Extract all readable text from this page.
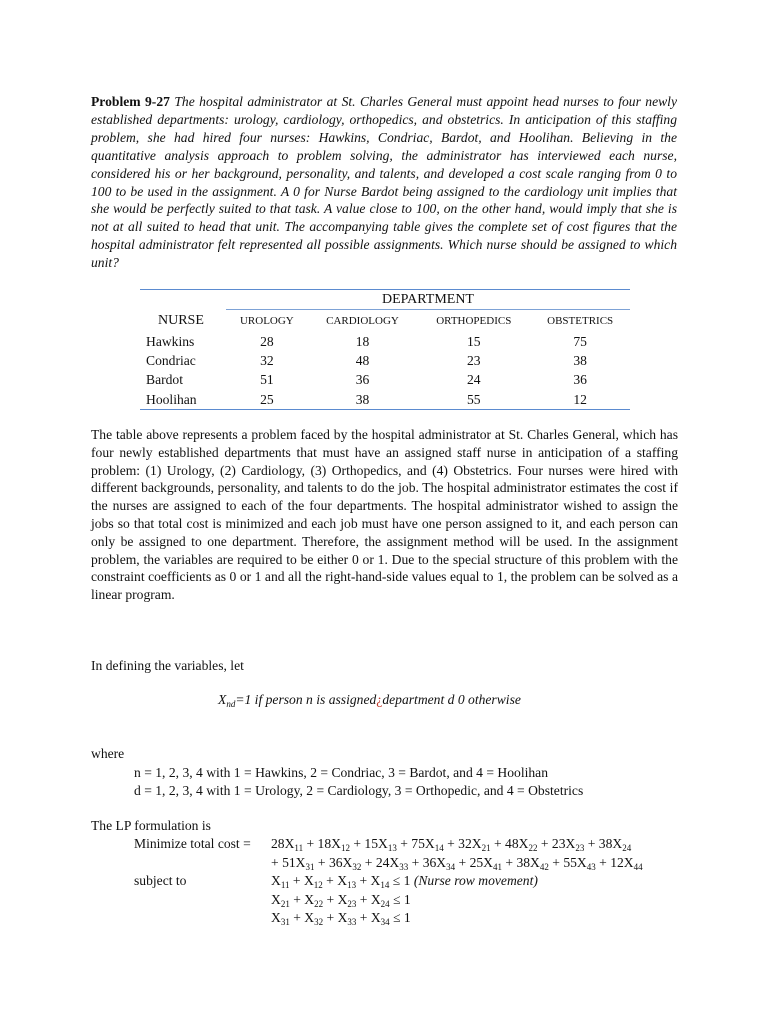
Problem 9-27 The hospital administrator at St. Charles General must appoint head nurses to four newly established departments: urology, cardiology, orthopedics, and obstetrics. In anticipation of this staffing problem, she had hired four nurses: Hawkins, Condriac, Bardot, and Hoolihan. Believing in the quantitative analysis approach to problem solving, the administrator has interviewed each nurse, considered his or her background, personality, and talents, and developed a cost scale ranging from 0 to 100 to be used in the assignment. A 0 for Nurse Bardot being assigned to the cardiology unit implies that she would be perfectly suited to that task. A value close to 100, on the other hand, would imply that she is not at all suited to head that unit. The accompanying table gives the complete set of cost figures that the hospital administrator felt represented all possible assignments. Which nurse should be assigned to which unit?

DEPARTMENT
NURSE	UROLOGY	CARDIOLOGY	ORTHOPEDICS	OBSTETRICS
Hawkins	28	18	15	75
Condriac	32	48	23	38
Bardot	51	36	24	36
Hoolihan	25	38	55	12

The table above represents a problem faced by the hospital administrator at St. Charles General, which has four newly established departments that must have an assigned staff nurse in anticipation of a staffing problem: (1) Urology, (2) Cardiology, (3) Orthopedics, and (4) Obstetrics. Four nurses were hired with different backgrounds, personality, and talents to do the job. The hospital administrator estimates the cost if the nurses are assigned to each of the four departments. The hospital administrator wished to assign the jobs so that total cost is minimized and each job must have one person assigned to it, and each person can only be assigned to one department. Therefore, the assignment method will be used. In the assignment problem, the variables are required to be either 0 or 1. Due to the special structure of this problem with the constraint coefficients as 0 or 1 and all the right-hand-side values equal to 1, the problem can be solved as a linear program.

In defining the variables, let
$X_{nd}=1$ if person n is assigned¿department d 0 otherwise
where
n = 1, 2, 3, 4 with 1 = Hawkins, 2 = Condriac, 3 = Bardot, and 4 = Hoolihan
d = 1, 2, 3, 4 with 1 = Urology, 2 = Cardiology, 3 = Orthopedic, and 4 = Obstetrics
The LP formulation is
Minimize total $\cos t = 28X_{11} + 18X_{12} + 15X_{13} + 75X_{14} + 32X_{21} + 48X_{22} + 23X_{23} + 38X_{24}$
+ $51X_{31} + 36X_{32} + 24X_{33} + 36X_{34} + 25X_{41} + 38X_{42} + 55X_{43} + 12X_{44}$
subject to	$X_{11} + X_{12} + X_{13} + X_{14} \le 1$ (Nurse row movement)
$X_{21} + X_{22} + X_{23} + X_{24} \le 1$
$X_{31} + X_{32} + X_{33} + X_{34} \le 1$
